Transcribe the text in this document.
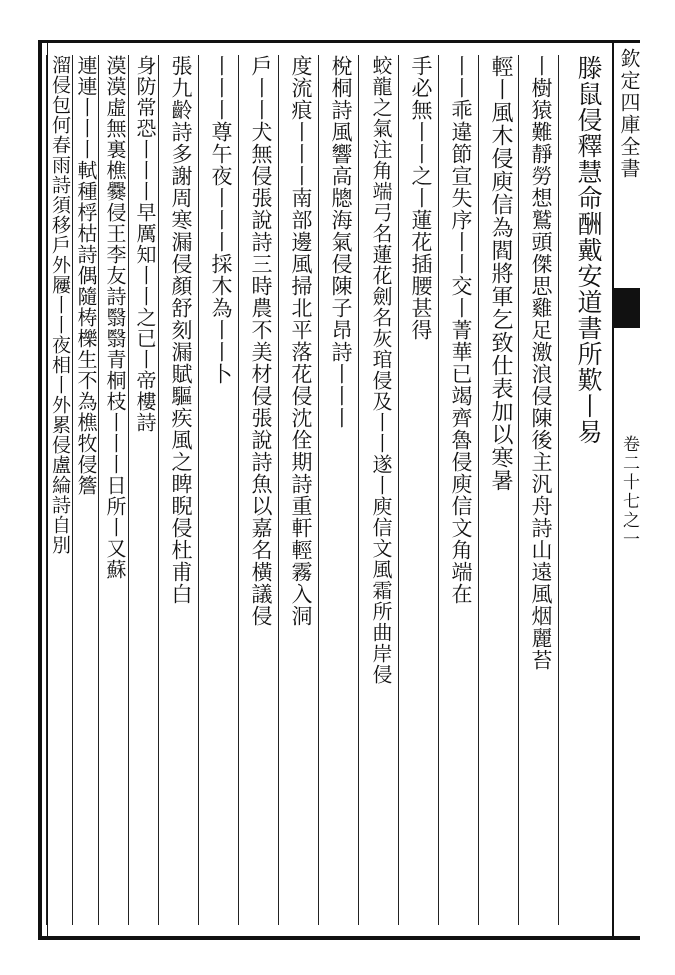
欽定四庫全書
卷二十七之一
滕鼠侵釋慧命酬戴安道書所歎丨易
丨樹猿難靜勞想鷲頭傑思雞足激浪侵陳後主汎舟詩山遠風烟麗苔
輕丨風木侵庾信為閻將軍乞致仕表加以寒暑
丨丨乖違節宣失序丨丨交丨菁華已竭齊魯侵庾信文角端在
手必無丨丨之丨蓮花插腰甚得
蛟龍之氣注角端弓名蓮花劍名灰琯侵及丨丨遂丨庾信文風霜所曲岸侵
梲桐詩風響高牕海氣侵陳子昂詩丨丨丨
度流痕丨丨丨南部邊風掃北平落花侵沈佺期詩重軒輕霧入洞
戶丨丨犬無侵張說詩三時農不美材侵張說詩魚以嘉名橫議侵
丨丨丨尊午夜丨丨丨採木為丨丨卜
張九齡詩多謝周寒漏侵顏舒刻漏賦驅疾風之睥睨侵杜甫白
身防常恐丨丨丨早厲知丨丨之已丨帝樓詩
漠漠虛無裏樵爨侵王李友詩翳翳青桐枝丨丨丨日所丨又蘇
連連丨丨丨軾種桴枯詩偶隨梼櫟生不為樵牧侵簷
溜侵包何春雨詩須移戶外屨丨丨夜相丨外累侵盧綸詩自別
